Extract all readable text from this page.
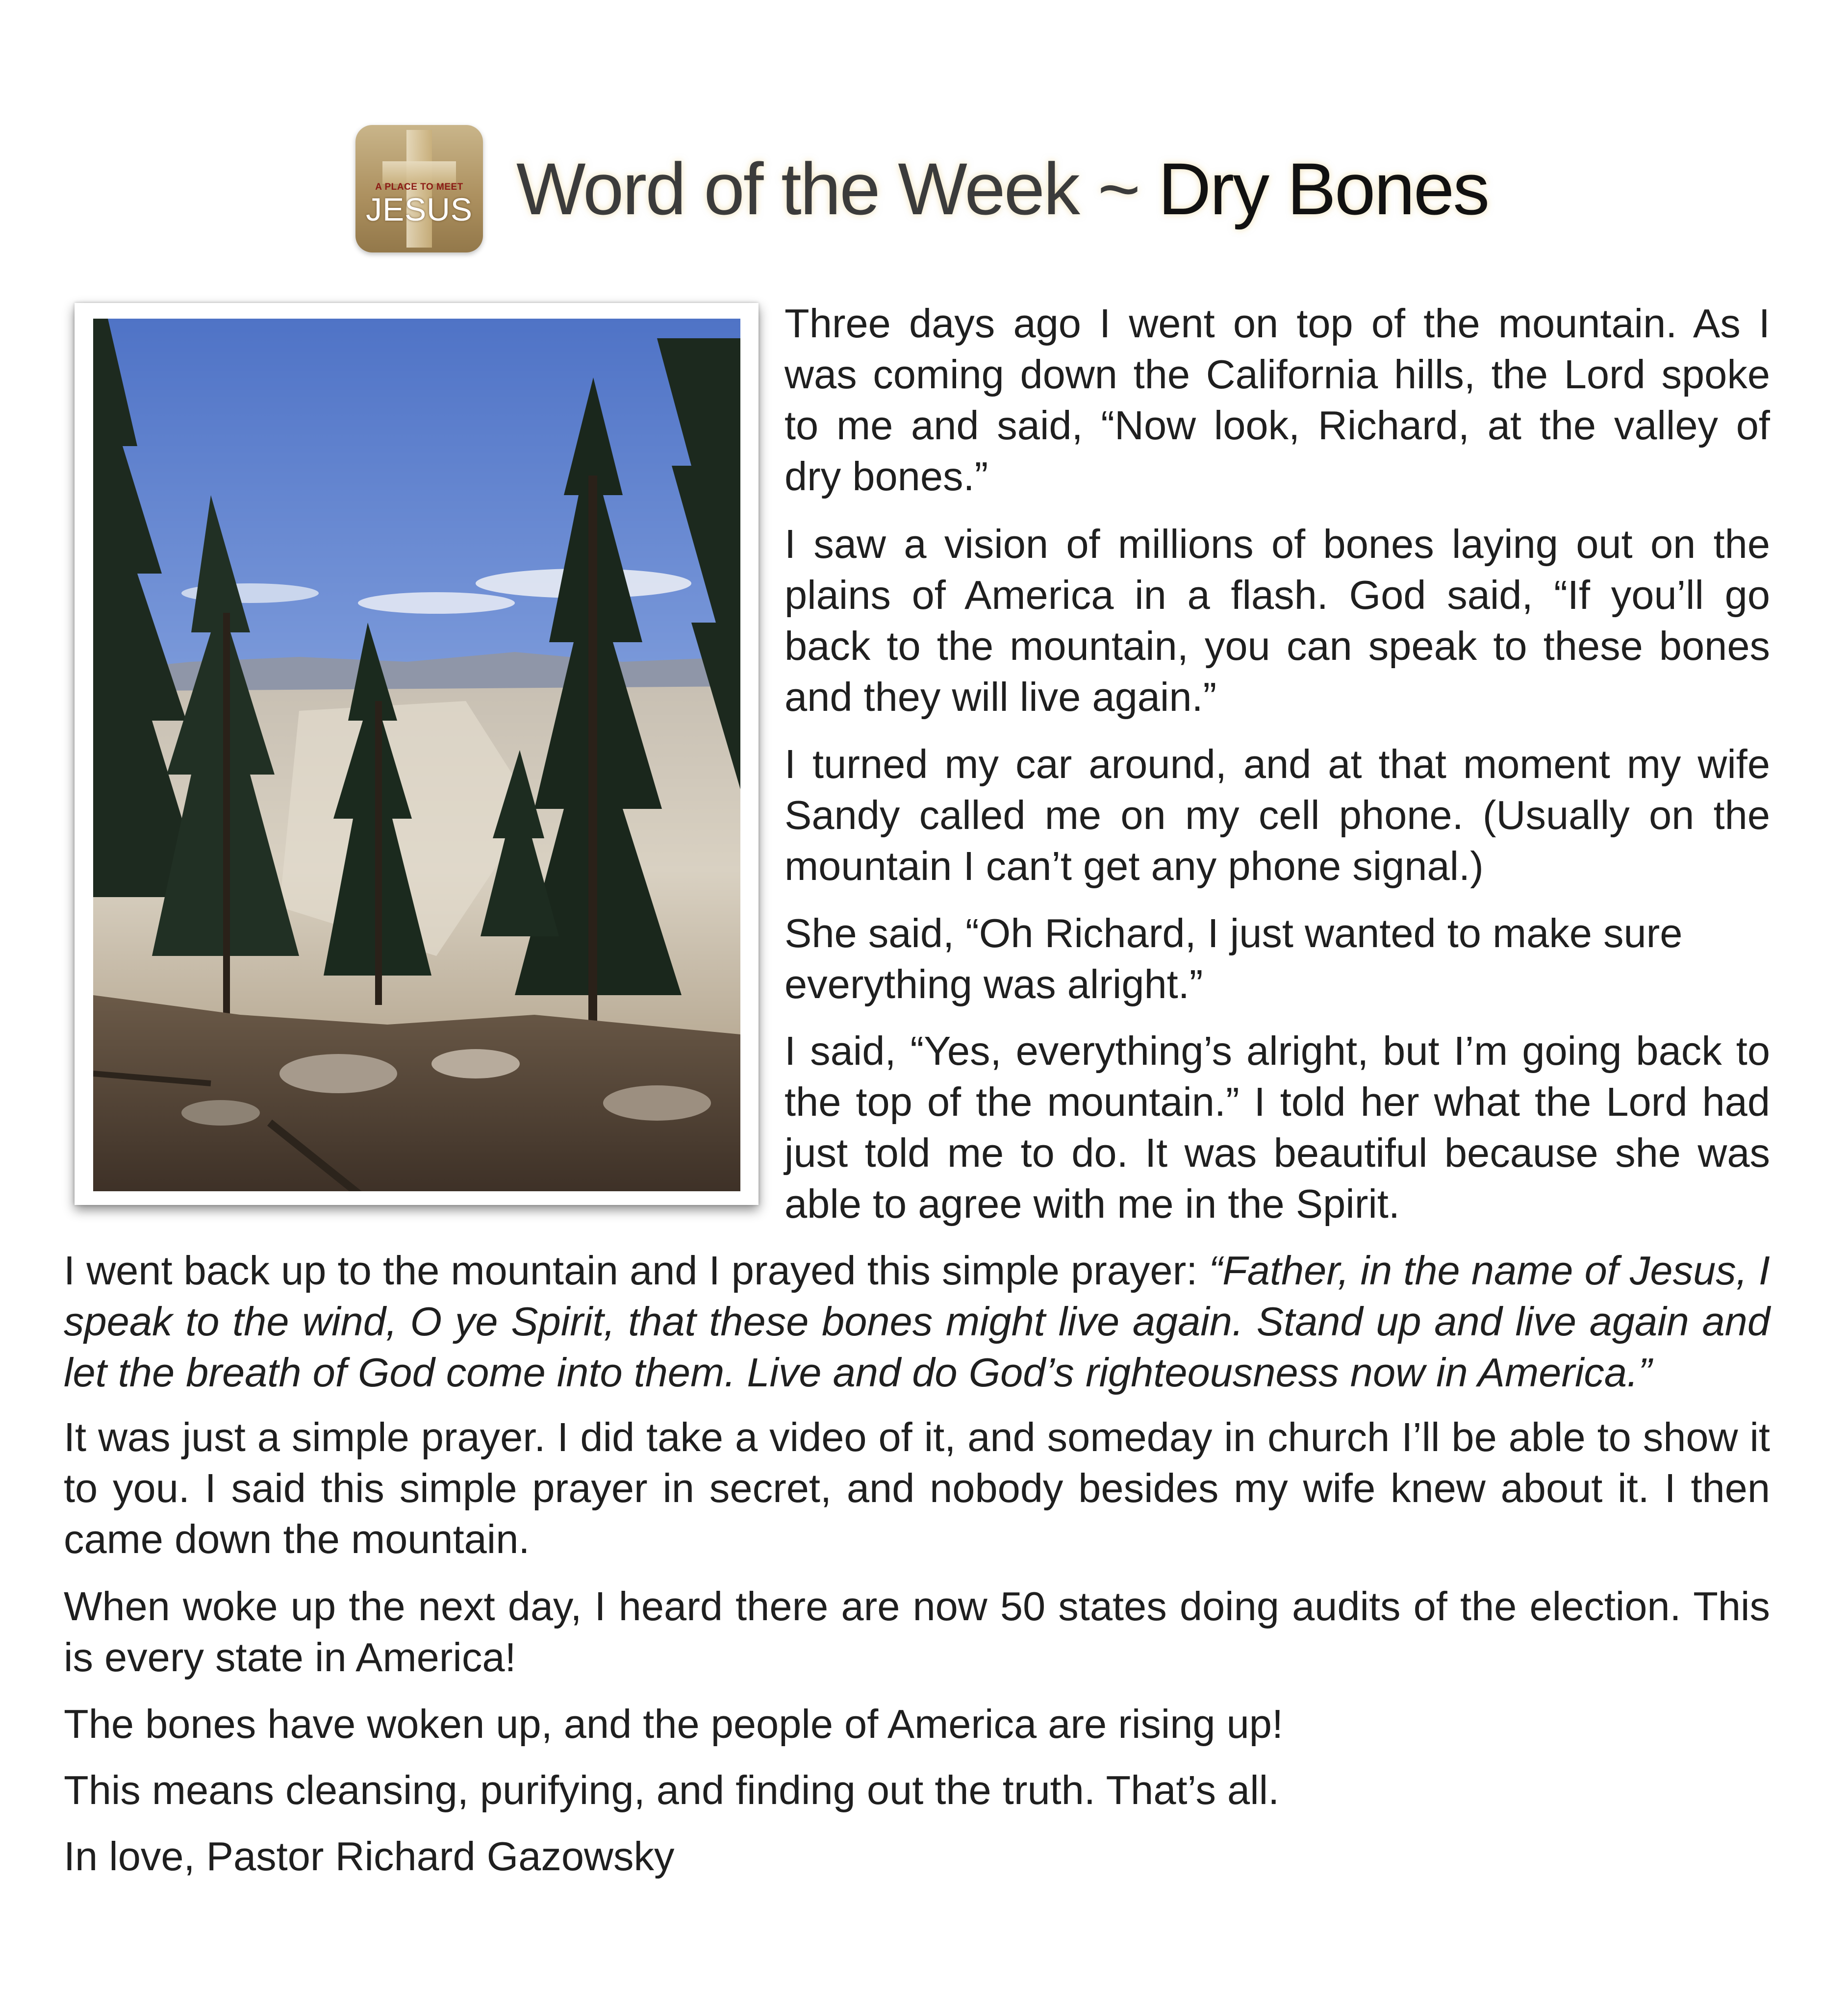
A PLACE TO MEET
JESUS Word of the Week ~ Dry Bones

Three days ago I went on top of the mountain. As I was coming down the California hills, the Lord spoke to me and said, “Now look, Richard, at the valley of dry bones.”

I saw a vision of millions of bones laying out on the plains of America in a flash. God said, “If you’ll go back to the mountain, you can speak to these bones and they will live again.”

I turned my car around, and at that moment my wife Sandy called me on my cell phone. (Usually on the mountain I can’t get any phone signal.)

She said, “Oh Richard, I just wanted to make sure everything was alright.”

I said, “Yes, everything’s alright, but I’m going back to the top of the mountain.” I told her what the Lord had just told me to do. It was beautiful because she was able to agree with me in the Spirit.

I went back up to the mountain and I prayed this simple prayer: “Father, in the name of Jesus, I speak to the wind, O ye Spirit, that these bones might live again. Stand up and live again and let the breath of God come into them. Live and do God’s righteousness now in America.”

It was just a simple prayer. I did take a video of it, and someday in church I’ll be able to show it to you. I said this simple prayer in secret, and nobody besides my wife knew about it. I then came down the mountain.

When woke up the next day, I heard there are now 50 states doing audits of the election. This is every state in America!

The bones have woken up, and the people of America are rising up!

This means cleansing, purifying, and finding out the truth. That’s all.

In love, Pastor Richard Gazowsky
